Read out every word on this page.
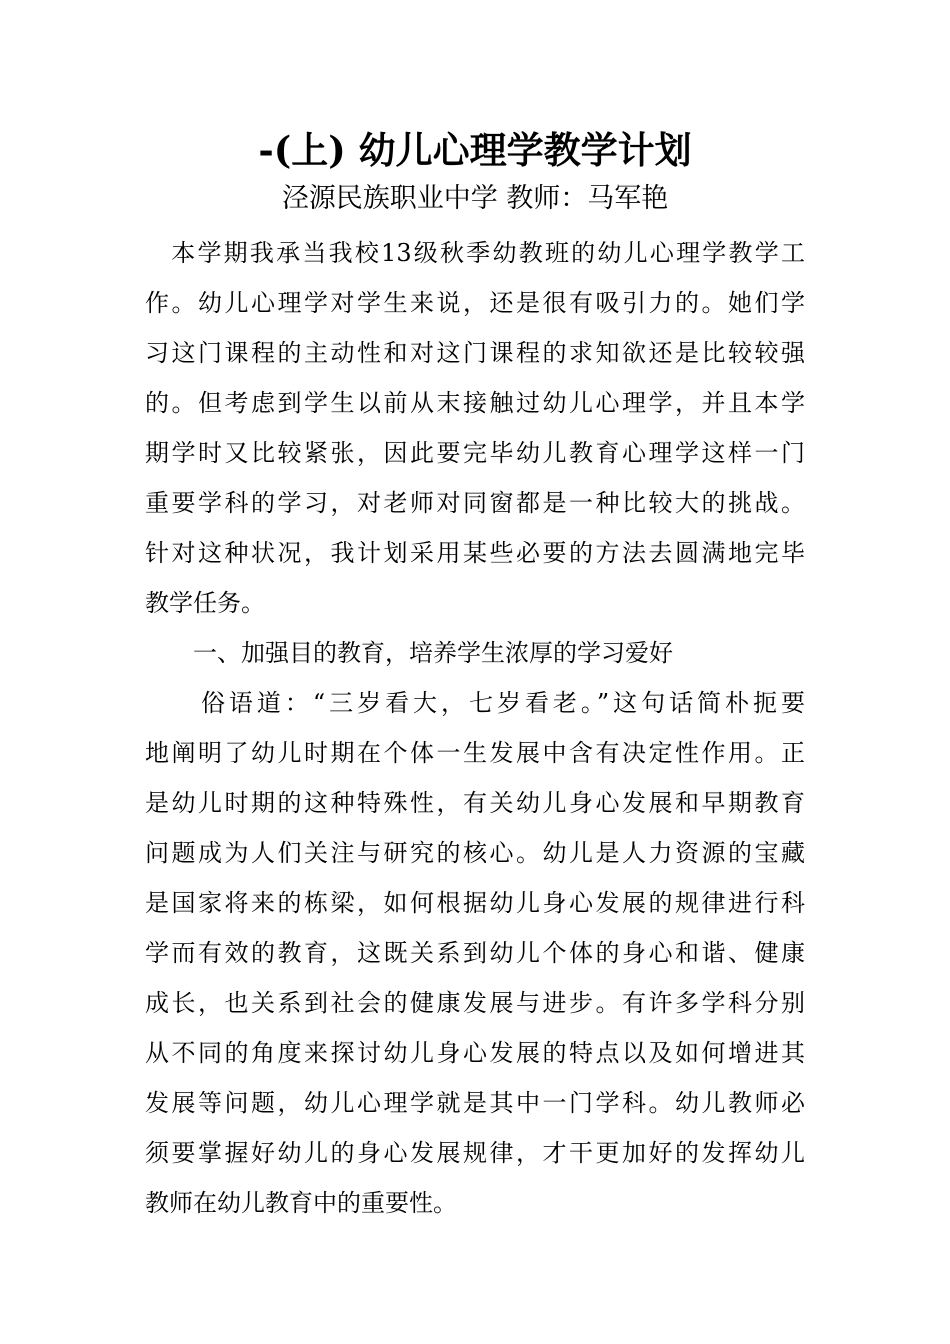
-(上) 幼儿心理学教学计划
泾源民族职业中学 教师：马军艳
　本学期我承当我校13级秋季幼教班的幼儿心理学教学工
作。幼儿心理学对学生来说，还是很有吸引力的。她们学
习这门课程的主动性和对这门课程的求知欲还是比较较强
的。但考虑到学生以前从末接触过幼儿心理学，并且本学
期学时又比较紧张，因此要完毕幼儿教育心理学这样一门
重要学科的学习，对老师对同窗都是一种比较大的挑战。
针对这种状况，我计划采用某些必要的方法去圆满地完毕
教学任务。
　　一、加强目的教育，培养学生浓厚的学习爱好
　　俗语道：“三岁看大，七岁看老。”这句话简朴扼要
地阐明了幼儿时期在个体一生发展中含有决定性作用。正
是幼儿时期的这种特殊性，有关幼儿身心发展和早期教育
问题成为人们关注与研究的核心。幼儿是人力资源的宝藏
是国家将来的栋梁，如何根据幼儿身心发展的规律进行科
学而有效的教育，这既关系到幼儿个体的身心和谐、健康
成长，也关系到社会的健康发展与进步。有许多学科分别
从不同的角度来探讨幼儿身心发展的特点以及如何增进其
发展等问题，幼儿心理学就是其中一门学科。幼儿教师必
须要掌握好幼儿的身心发展规律，才干更加好的发挥幼儿
教师在幼儿教育中的重要性。
